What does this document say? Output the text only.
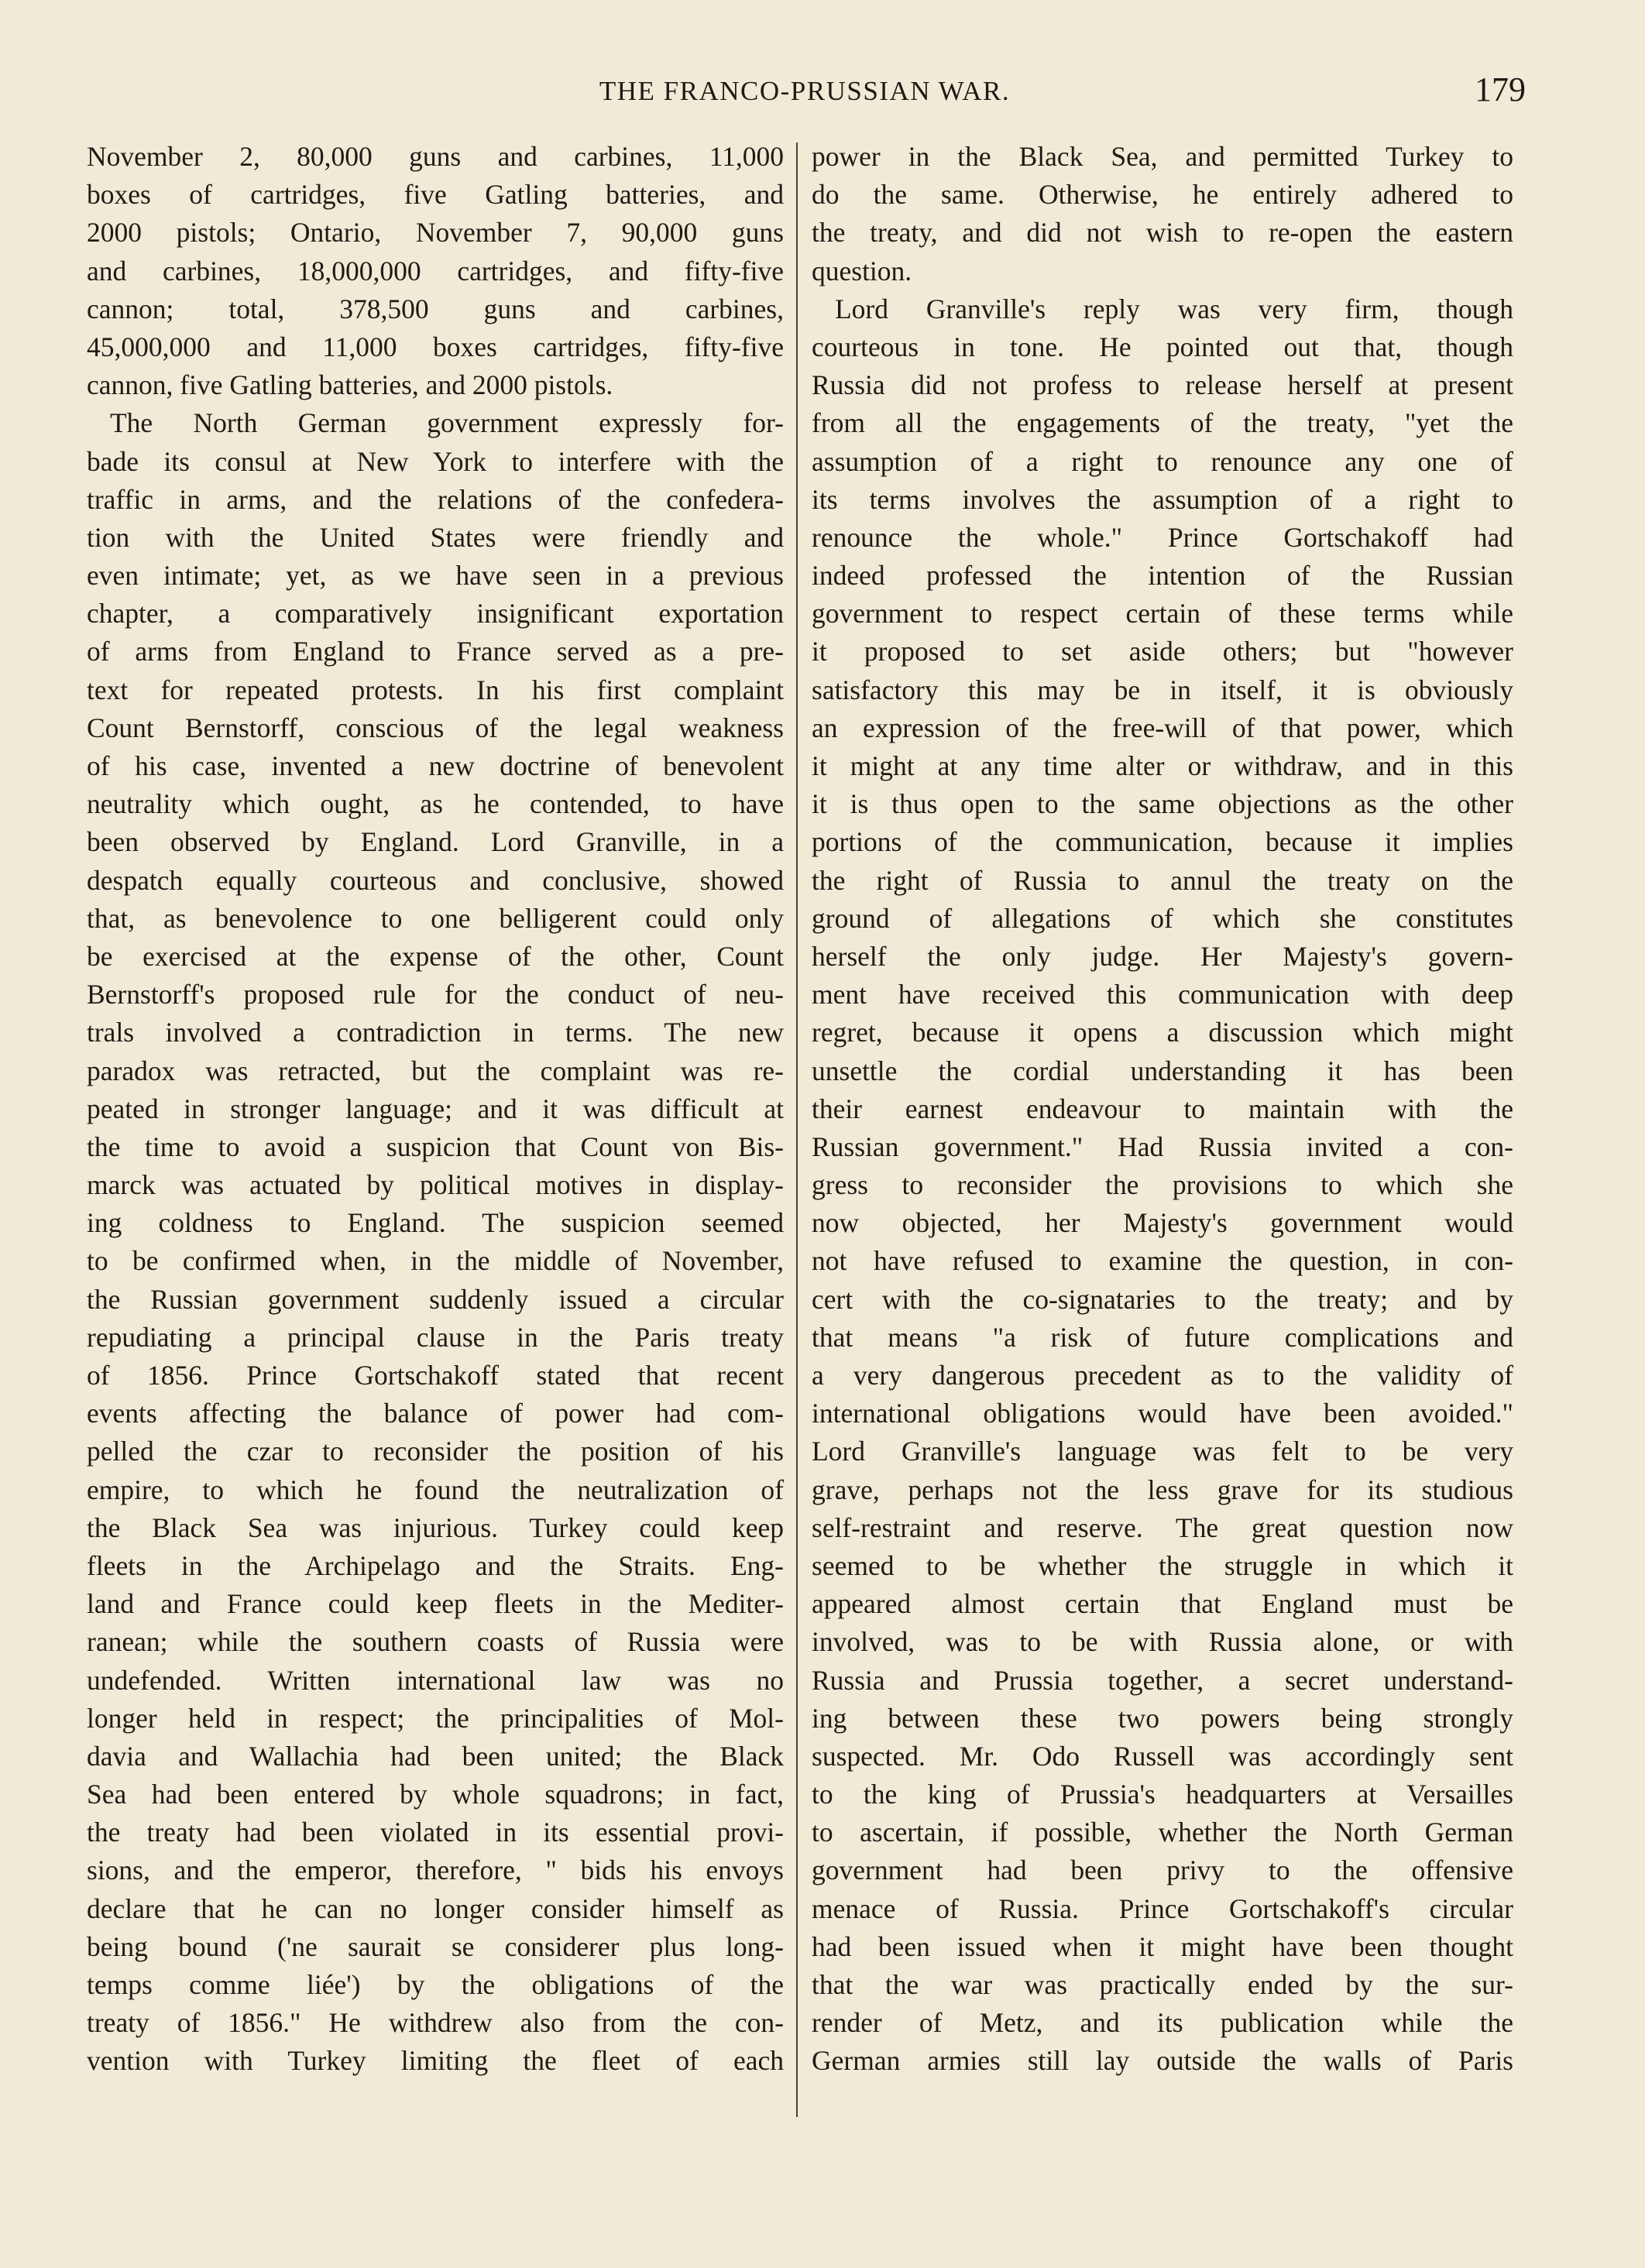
THE FRANCO-PRUSSIAN WAR.	179
November 2, 80,000 guns and carbines, 11,000
boxes of cartridges, five Gatling batteries, and
2000 pistols; Ontario, November 7, 90,000 guns
and carbines, 18,000,000 cartridges, and fifty-five
cannon; total, 378,500 guns and carbines,
45,000,000 and 11,000 boxes cartridges, fifty-five
cannon, five Gatling batteries, and 2000 pistols.
The North German government expressly for-
bade its consul at New York to interfere with the
traffic in arms, and the relations of the confedera-
tion with the United States were friendly and
even intimate; yet, as we have seen in a previous
chapter, a comparatively insignificant exportation
of arms from England to France served as a pre-
text for repeated protests. In his first complaint
Count Bernstorff, conscious of the legal weakness
of his case, invented a new doctrine of benevolent
neutrality which ought, as he contended, to have
been observed by England. Lord Granville, in a
despatch equally courteous and conclusive, showed
that, as benevolence to one belligerent could only
be exercised at the expense of the other, Count
Bernstorff's proposed rule for the conduct of neu-
trals involved a contradiction in terms. The new
paradox was retracted, but the complaint was re-
peated in stronger language; and it was difficult at
the time to avoid a suspicion that Count von Bis-
marck was actuated by political motives in display-
ing coldness to England. The suspicion seemed
to be confirmed when, in the middle of November,
the Russian government suddenly issued a circular
repudiating a principal clause in the Paris treaty
of 1856. Prince Gortschakoff stated that recent
events affecting the balance of power had com-
pelled the czar to reconsider the position of his
empire, to which he found the neutralization of
the Black Sea was injurious. Turkey could keep
fleets in the Archipelago and the Straits. Eng-
land and France could keep fleets in the Mediter-
ranean; while the southern coasts of Russia were
undefended. Written international law was no
longer held in respect; the principalities of Mol-
davia and Wallachia had been united; the Black
Sea had been entered by whole squadrons; in fact,
the treaty had been violated in its essential provi-
sions, and the emperor, therefore, " bids his envoys
declare that he can no longer consider himself as
being bound ('ne saurait se considerer plus long-
temps comme liée') by the obligations of the
treaty of 1856." He withdrew also from the con-
vention with Turkey limiting the fleet of each
power in the Black Sea, and permitted Turkey to
do the same. Otherwise, he entirely adhered to
the treaty, and did not wish to re-open the eastern
question.
Lord Granville's reply was very firm, though
courteous in tone. He pointed out that, though
Russia did not profess to release herself at present
from all the engagements of the treaty, "yet the
assumption of a right to renounce any one of
its terms involves the assumption of a right to
renounce the whole." Prince Gortschakoff had
indeed professed the intention of the Russian
government to respect certain of these terms while
it proposed to set aside others; but "however
satisfactory this may be in itself, it is obviously
an expression of the free-will of that power, which
it might at any time alter or withdraw, and in this
it is thus open to the same objections as the other
portions of the communication, because it implies
the right of Russia to annul the treaty on the
ground of allegations of which she constitutes
herself the only judge. Her Majesty's govern-
ment have received this communication with deep
regret, because it opens a discussion which might
unsettle the cordial understanding it has been
their earnest endeavour to maintain with the
Russian government." Had Russia invited a con-
gress to reconsider the provisions to which she
now objected, her Majesty's government would
not have refused to examine the question, in con-
cert with the co-signataries to the treaty; and by
that means "a risk of future complications and
a very dangerous precedent as to the validity of
international obligations would have been avoided."
Lord Granville's language was felt to be very
grave, perhaps not the less grave for its studious
self-restraint and reserve. The great question now
seemed to be whether the struggle in which it
appeared almost certain that England must be
involved, was to be with Russia alone, or with
Russia and Prussia together, a secret understand-
ing between these two powers being strongly
suspected. Mr. Odo Russell was accordingly sent
to the king of Prussia's headquarters at Versailles
to ascertain, if possible, whether the North German
government had been privy to the offensive
menace of Russia. Prince Gortschakoff's circular
had been issued when it might have been thought
that the war was practically ended by the sur-
render of Metz, and its publication while the
German armies still lay outside the walls of Paris
